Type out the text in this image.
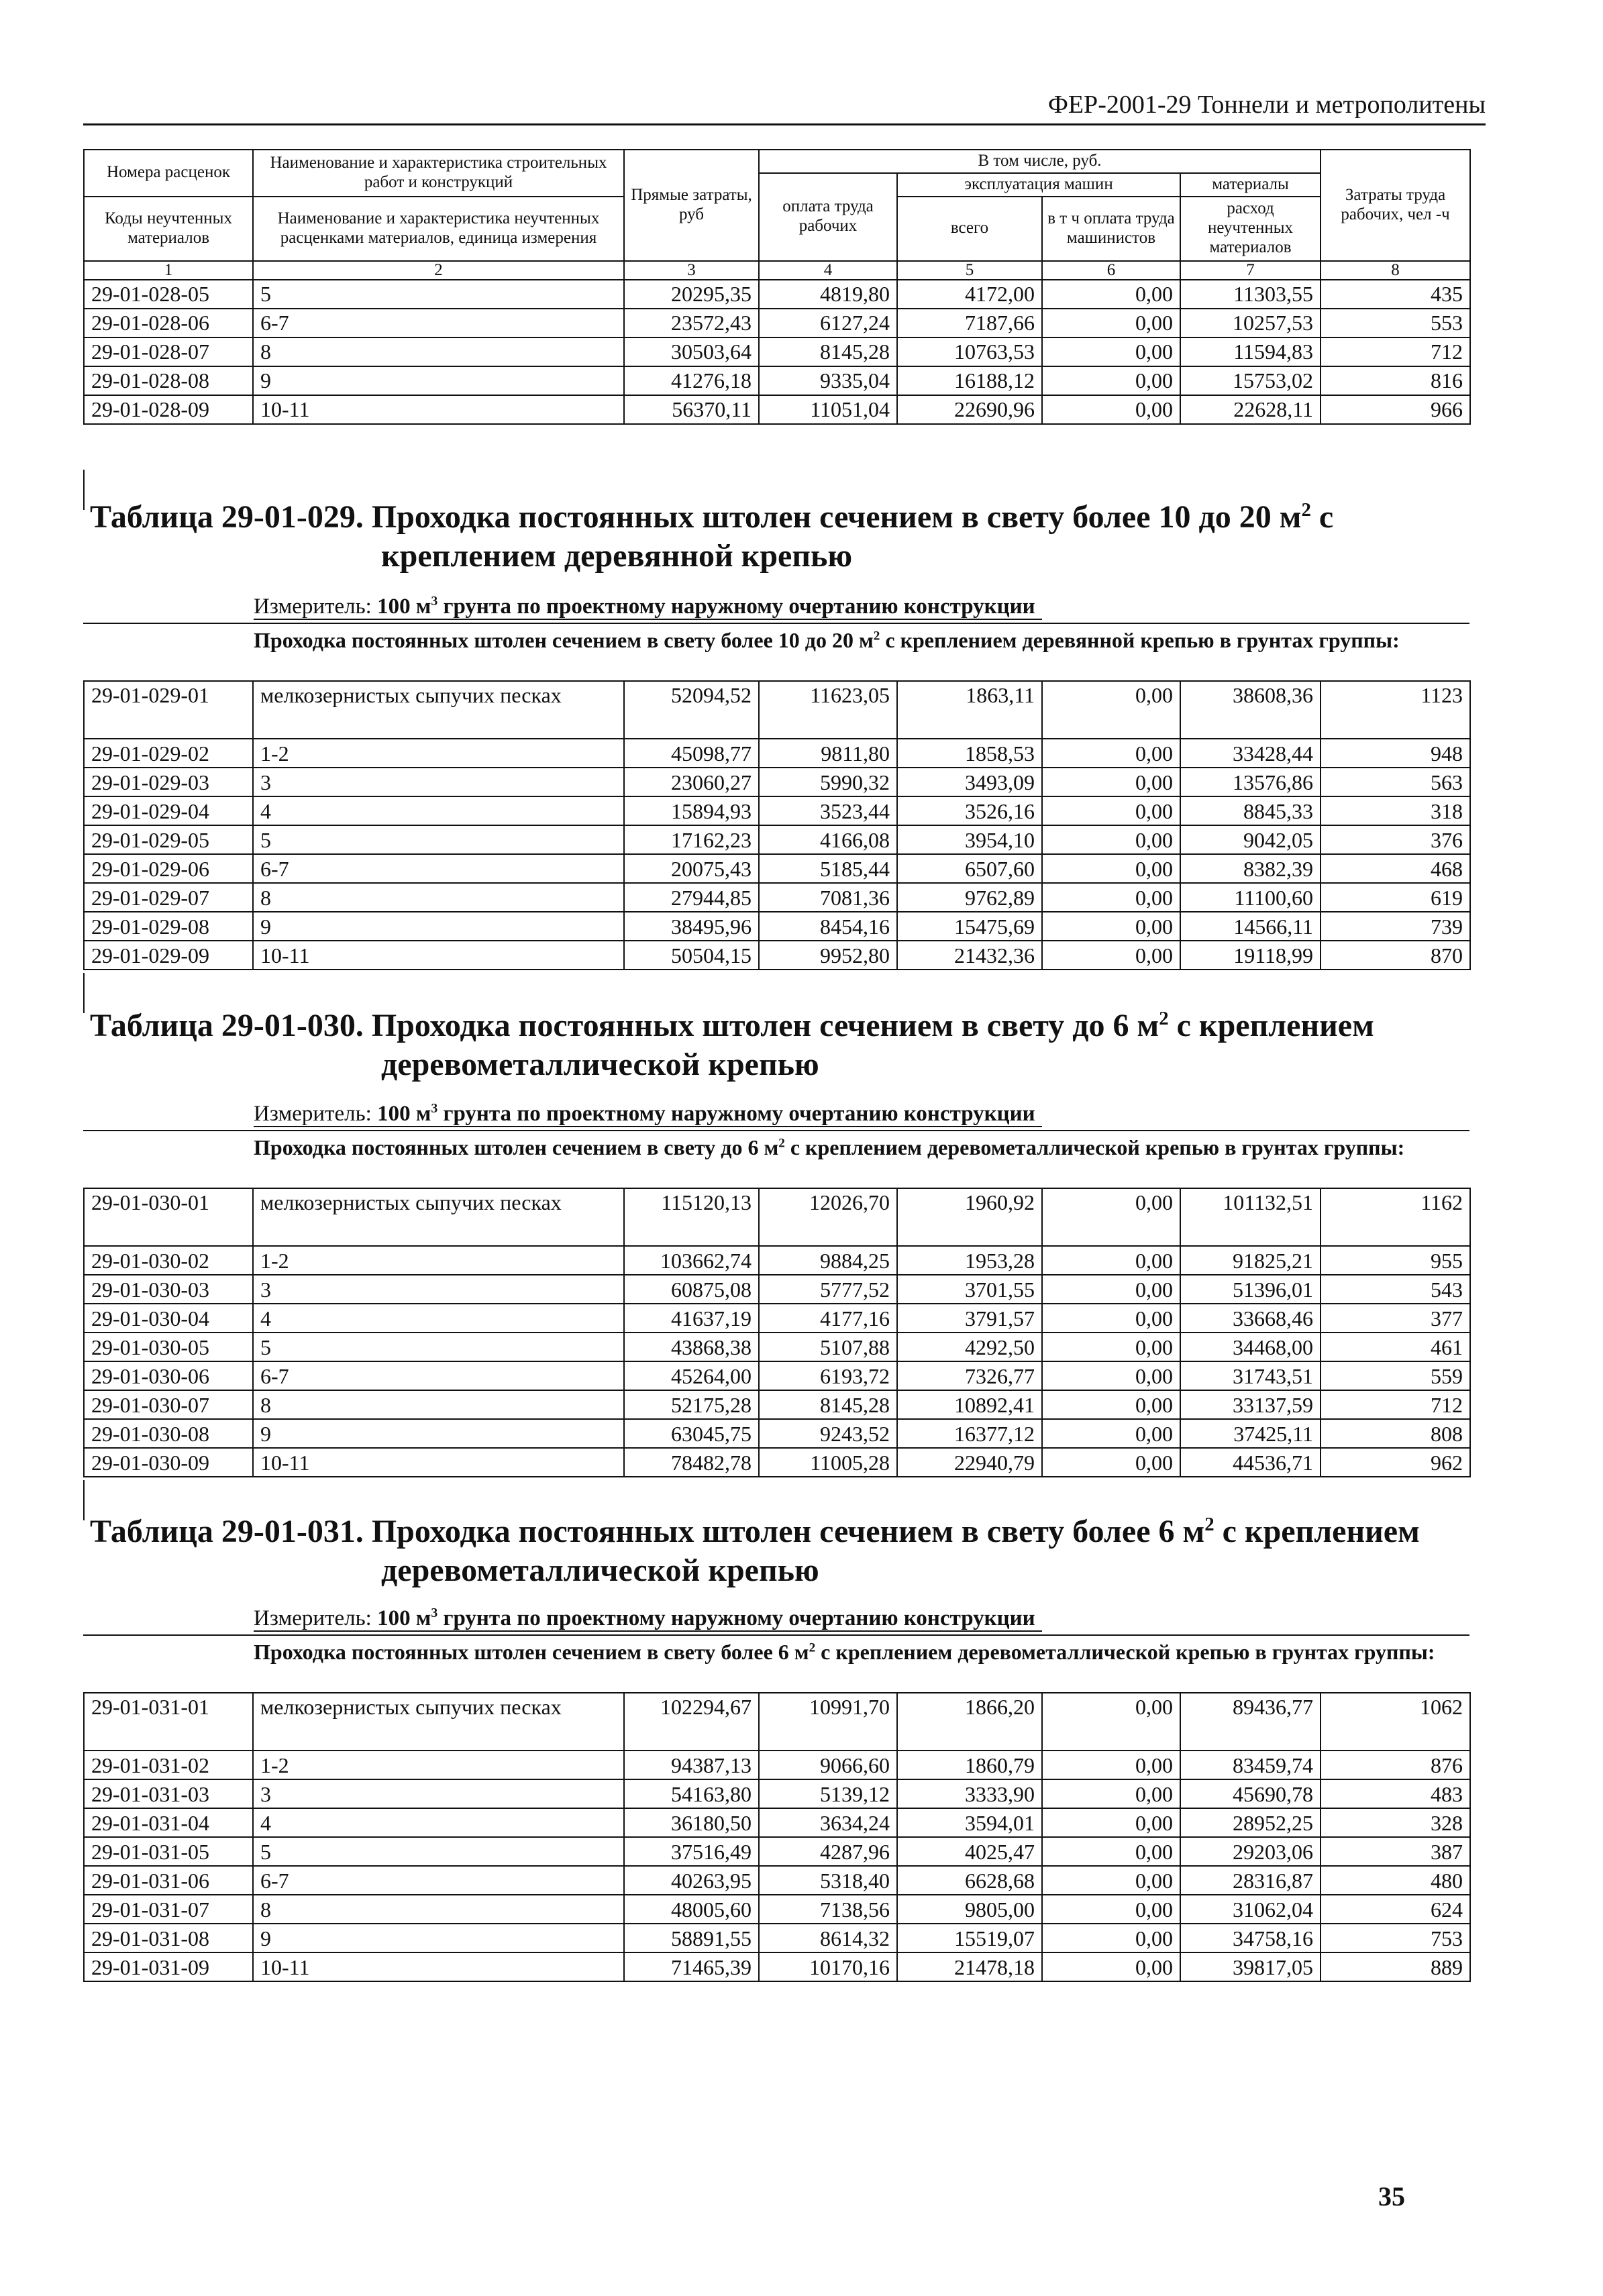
ФЕР-2001-29 Тоннели и метрополитены
Номера расценок	Наименование и характеристика строительных работ и конструкций	Прямые затраты, руб	В том числе, руб.				Затраты труда рабочих, чел -ч
			оплата труда рабочих	эксплуатация машин		материалы	
Коды неучтенных материалов	Наименование и характеристика неучтенных расценками материалов, единица измерения			всего	в т ч оплата труда машинистов	расход неучтенных материалов	

1	2	3	4	5	6	7	8
29-01-028-05	5	20295,35	4819,80	4172,00	0,00	11303,55	435
29-01-028-06	6-7	23572,43	6127,24	7187,66	0,00	10257,53	553
29-01-028-07	8	30503,64	8145,28	10763,53	0,00	11594,83	712
29-01-028-08	9	41276,18	9335,04	16188,12	0,00	15753,02	816
29-01-028-09	10-11	56370,11	11051,04	22690,96	0,00	22628,11	966
Таблица 29-01-029. Проходка постоянных штолен сечением в свету более 10 до 20 $м^2$ с
креплением деревянной крепью
Измеритель: 100 $м^3$ грунта по проектному наружному очертанию конструкции
Проходка постоянных штолен сечением в свету более 10 до 20 $м^2$ с креплением деревянной крепью в грунтах группы:
29-01-029-01	мелкозернистых сыпучих песках	52094,52	11623,05	1863,11	0,00	38608,36	1123
29-01-029-02	1-2	45098,77	9811,80	1858,53	0,00	33428,44	948
29-01-029-03	3	23060,27	5990,32	3493,09	0,00	13576,86	563
29-01-029-04	4	15894,93	3523,44	3526,16	0,00	8845,33	318
29-01-029-05	5	17162,23	4166,08	3954,10	0,00	9042,05	376
29-01-029-06	6-7	20075,43	5185,44	6507,60	0,00	8382,39	468
29-01-029-07	8	27944,85	7081,36	9762,89	0,00	11100,60	619
29-01-029-08	9	38495,96	8454,16	15475,69	0,00	14566,11	739
29-01-029-09	10-11	50504,15	9952,80	21432,36	0,00	19118,99	870
Таблица 29-01-030. Проходка постоянных штолен сечением в свету до 6 $м^2$ с креплением
деревометаллической крепью
Измеритель: 100 $м^3$ грунта по проектному наружному очертанию конструкции
Проходка постоянных штолен сечением в свету до 6 $м^2$ с креплением деревометаллической крепью в грунтах группы:
29-01-030-01	мелкозернистых сыпучих песках	115120,13	12026,70	1960,92	0,00	101132,51	1162
29-01-030-02	1-2	103662,74	9884,25	1953,28	0,00	91825,21	955
29-01-030-03	3	60875,08	5777,52	3701,55	0,00	51396,01	543
29-01-030-04	4	41637,19	4177,16	3791,57	0,00	33668,46	377
29-01-030-05	5	43868,38	5107,88	4292,50	0,00	34468,00	461
29-01-030-06	6-7	45264,00	6193,72	7326,77	0,00	31743,51	559
29-01-030-07	8	52175,28	8145,28	10892,41	0,00	33137,59	712
29-01-030-08	9	63045,75	9243,52	16377,12	0,00	37425,11	808
29-01-030-09	10-11	78482,78	11005,28	22940,79	0,00	44536,71	962
Таблица 29-01-031. Проходка постоянных штолен сечением в свету более 6 $м^2$ с креплением
деревометаллической крепью
Измеритель: 100 $м^3$ грунта по проектному наружному очертанию конструкции
Проходка постоянных штолен сечением в свету более 6 $м^2$ с креплением деревометаллической крепью в грунтах группы:
29-01-031-01	мелкозернистых сыпучих песках	102294,67	10991,70	1866,20	0,00	89436,77	1062
29-01-031-02	1-2	94387,13	9066,60	1860,79	0,00	83459,74	876
29-01-031-03	3	54163,80	5139,12	3333,90	0,00	45690,78	483
29-01-031-04	4	36180,50	3634,24	3594,01	0,00	28952,25	328
29-01-031-05	5	37516,49	4287,96	4025,47	0,00	29203,06	387
29-01-031-06	6-7	40263,95	5318,40	6628,68	0,00	28316,87	480
29-01-031-07	8	48005,60	7138,56	9805,00	0,00	31062,04	624
29-01-031-08	9	58891,55	8614,32	15519,07	0,00	34758,16	753
29-01-031-09	10-11	71465,39	10170,16	21478,18	0,00	39817,05	889
35
